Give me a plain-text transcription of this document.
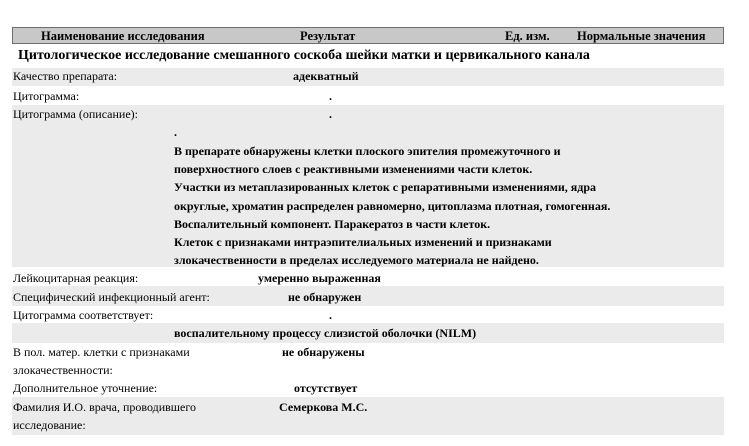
Наименование исследования	Результат	Ед. изм. Нормальные значения
Цитологическое исследование смешанного соскоба шейки матки и цервикального канала
Качество препарата:	адекватный
Цитограмма:	.
Цитограмма (описание):	.
.
В препарате обнаружены клетки плоского эпителия промежуточного и
поверхностного слоев с реактивными изменениями части клеток.
Участки из метаплазированных клеток с репаративными изменениями, ядра
округлые, хроматин распределен равномерно, цитоплазма плотная, гомогенная.
Воспалительный компонент. Паракератоз в части клеток.
Клеток с признаками интраэпителиальных изменений и признаками
злокачественности в пределах исследуемого материала не найдено.
Лейкоцитарная реакция:	умеренно выраженная
Специфический инфекционный агент:	не обнаружен
Цитограмма соответствует:	.
воспалительному процессу слизистой оболочки (NILM)
В пол. матер. клетки с признаками
злокачественности:
не обнаружены
Дополнительное уточнение:	отсутствует
Фамилия И.О. врача, проводившего
исследование:
Семеркова М.С.
